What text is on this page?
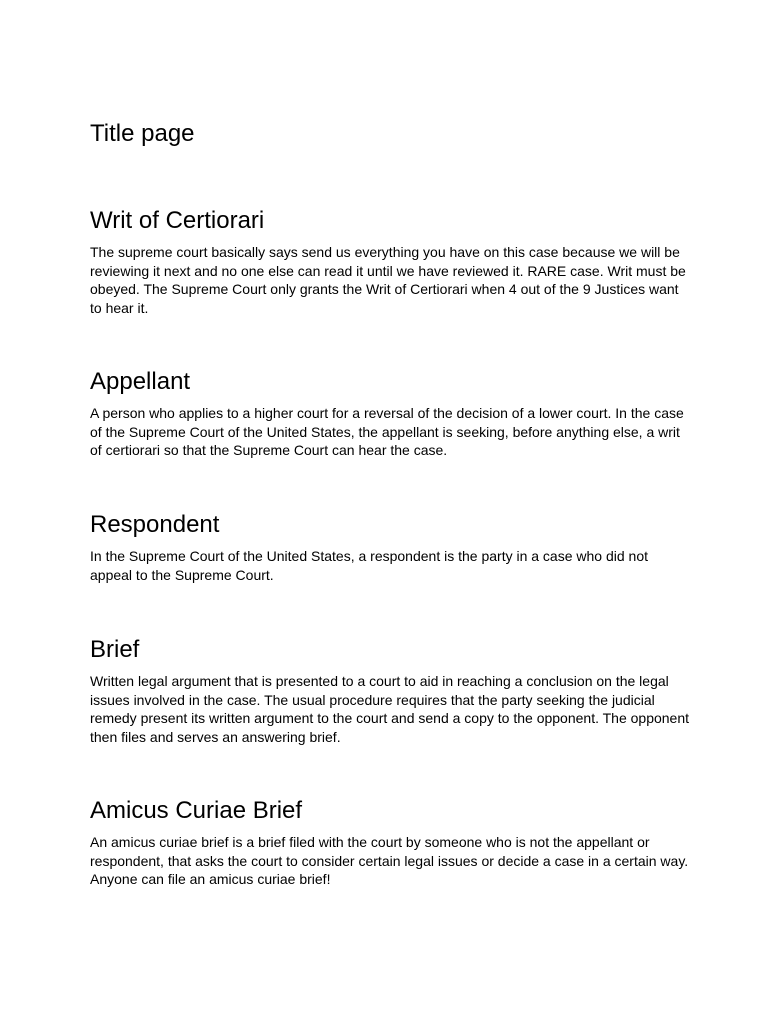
Title page
Writ of Certiorari

The supreme court basically says send us everything you have on this case because we will be reviewing it next and no one else can read it until we have reviewed it. RARE case. Writ must be obeyed. The Supreme Court only grants the Writ of Certiorari when 4 out of the 9 Justices want to hear it.

Appellant

A person who applies to a higher court for a reversal of the decision of a lower court. In the case of the Supreme Court of the United States, the appellant is seeking, before anything else, a writ of certiorari so that the Supreme Court can hear the case.

Respondent

In the Supreme Court of the United States, a respondent is the party in a case who did not appeal to the Supreme Court.

Brief

Written legal argument that is presented to a court to aid in reaching a conclusion on the legal issues involved in the case. The usual procedure requires that the party seeking the judicial remedy present its written argument to the court and send a copy to the opponent. The opponent then files and serves an answering brief.

Amicus Curiae Brief

An amicus curiae brief is a brief filed with the court by someone who is not the appellant or respondent, that asks the court to consider certain legal issues or decide a case in a certain way. Anyone can file an amicus curiae brief!
